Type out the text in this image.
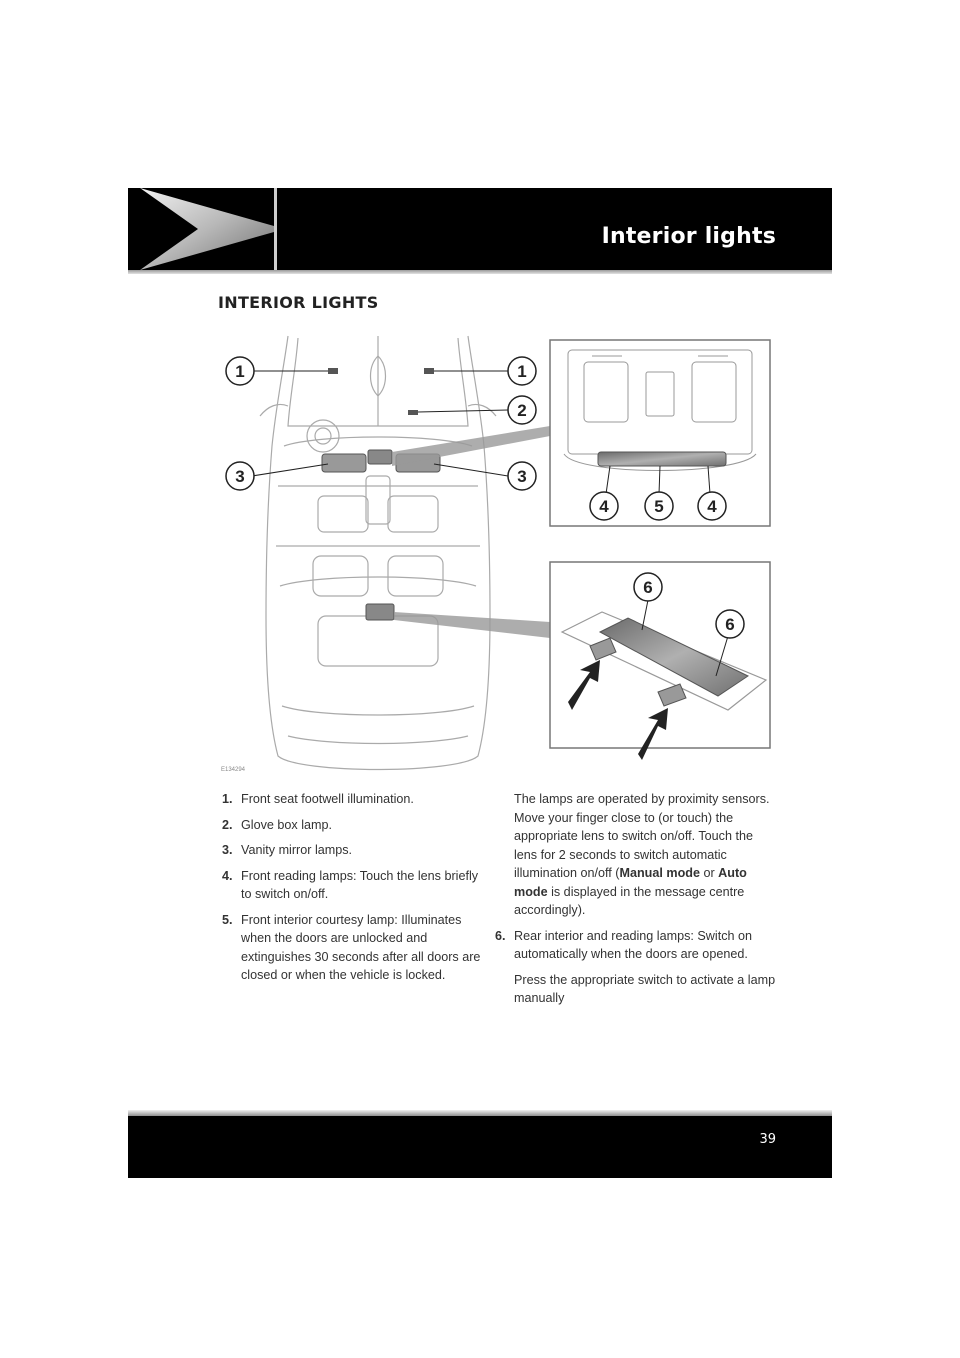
Interior lights
INTERIOR LIGHTS
1	1
2
3	3
4	5	4
6
6
E134294
1. Front seat footwell illumination.
2. Glove box lamp.
3. Vanity mirror lamps.
4. Front reading lamps: Touch the lens briefly to switch on/off.
5. Front interior courtesy lamp: Illuminates when the doors are unlocked and extinguishes 30 seconds after all doors are closed or when the vehicle is locked.
The lamps are operated by proximity sensors. Move your finger close to (or touch) the appropriate lens to switch on/off. Touch the lens for 2 seconds to switch automatic illumination on/off (Manual mode or Auto mode is displayed in the message centre accordingly).
6. Rear interior and reading lamps: Switch on automatically when the doors are opened.
Press the appropriate switch to activate a lamp manually
39
